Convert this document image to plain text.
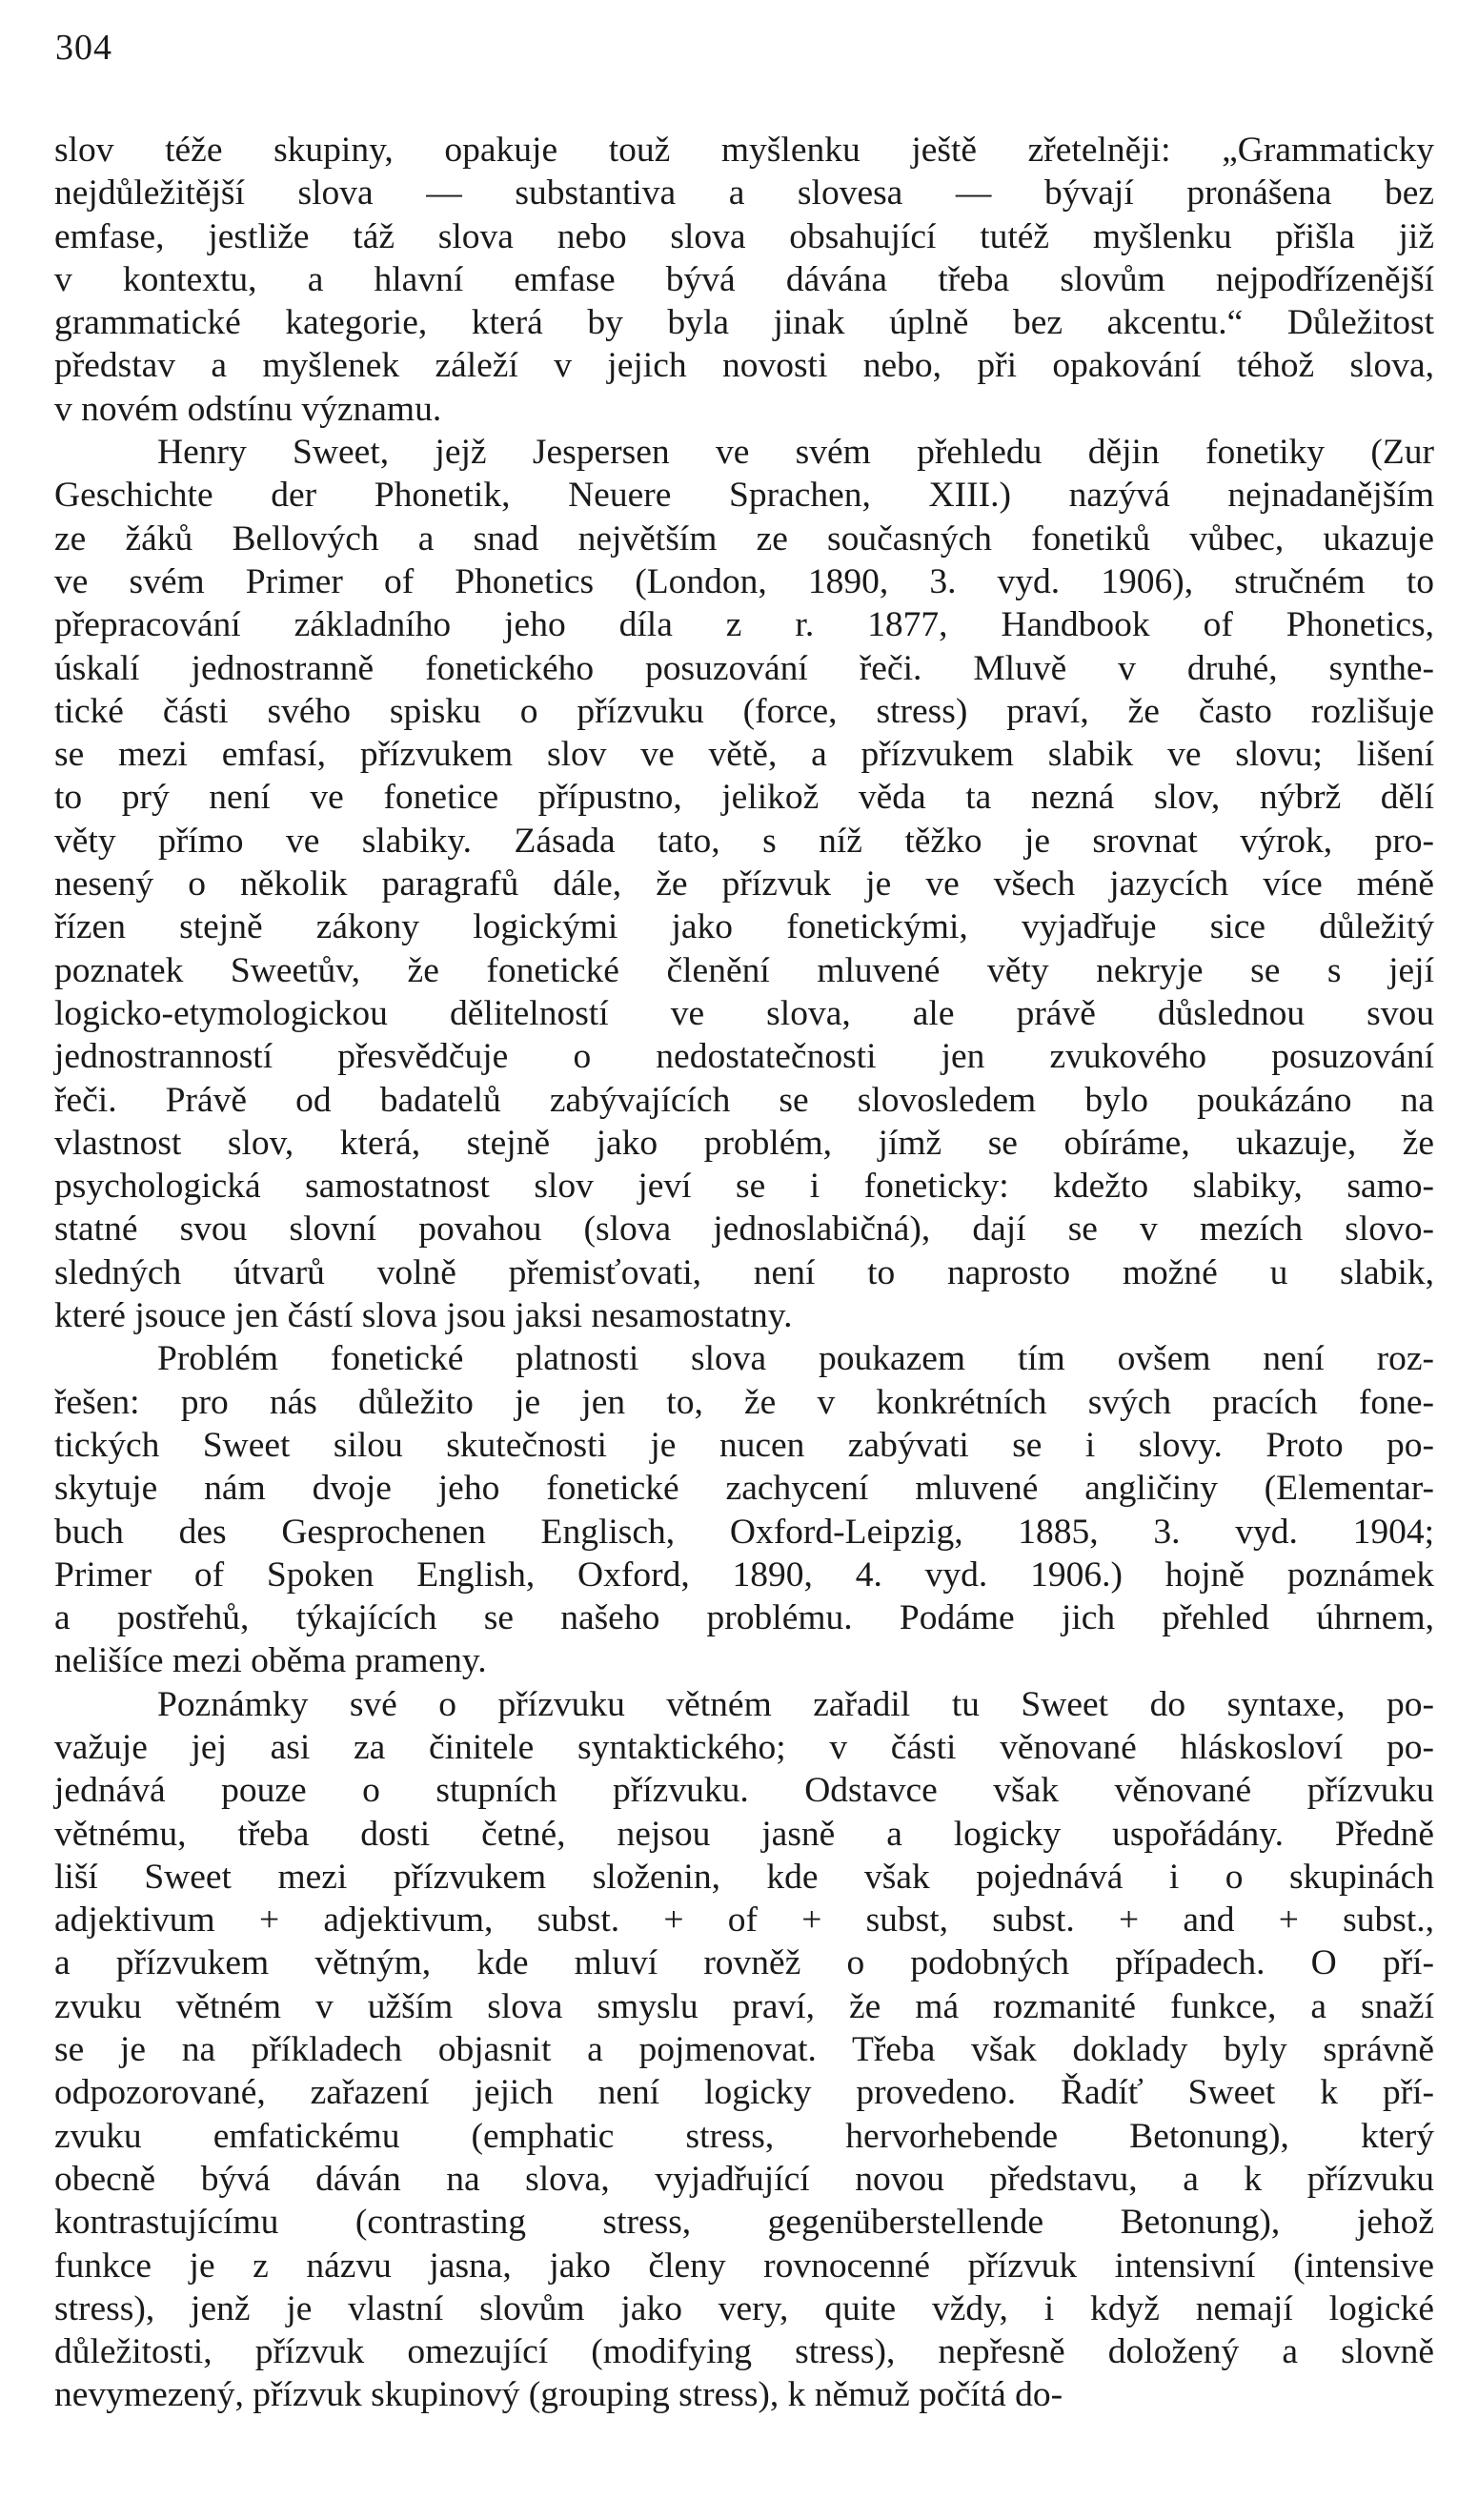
304
slov téže skupiny, opakuje touž myšlenku ještě zřetelněji: „Grammaticky
nejdůležitější slova — substantiva a slovesa — bývají pronášena bez
emfase, jestliže táž slova nebo slova obsahující tutéž myšlenku přišla již
v kontextu, a hlavní emfase bývá dávána třeba slovům nejpodřízenější
grammatické kategorie, která by byla jinak úplně bez akcentu.“ Důležitost
představ a myšlenek záleží v jejich novosti nebo, při opakování téhož slova,
v novém odstínu významu.
Henry Sweet, jejž Jespersen ve svém přehledu dějin fonetiky (Zur
Geschichte der Phonetik, Neuere Sprachen, XIII.) nazývá nejnadanějším
ze žáků Bellových a snad největším ze současných fonetiků vůbec, ukazuje
ve svém Primer of Phonetics (London, 1890, 3. vyd. 1906), stručném to
přepracování základního jeho díla z r. 1877, Handbook of Phonetics,
úskalí jednostranně fonetického posuzování řeči. Mluvě v druhé, synthe-
tické části svého spisku o přízvuku (force, stress) praví, že často rozlišuje
se mezi emfasí, přízvukem slov ve větě, a přízvukem slabik ve slovu; lišení
to prý není ve fonetice přípustno, jelikož věda ta nezná slov, nýbrž dělí
věty přímo ve slabiky. Zásada tato, s níž těžko je srovnat výrok, pro-
nesený o několik paragrafů dále, že přízvuk je ve všech jazycích více méně
řízen stejně zákony logickými jako fonetickými, vyjadřuje sice důležitý
poznatek Sweetův, že fonetické členění mluvené věty nekryje se s její
logicko-etymologickou dělitelností ve slova, ale právě důslednou svou
jednostranností přesvědčuje o nedostatečnosti jen zvukového posuzování
řeči. Právě od badatelů zabývajících se slovosledem bylo poukázáno na
vlastnost slov, která, stejně jako problém, jímž se obíráme, ukazuje, že
psychologická samostatnost slov jeví se i foneticky: kdežto slabiky, samo-
statné svou slovní povahou (slova jednoslabičná), dají se v mezích slovo-
sledných útvarů volně přemisťovati, není to naprosto možné u slabik,
které jsouce jen částí slova jsou jaksi nesamostatny.
Problém fonetické platnosti slova poukazem tím ovšem není roz-
řešen: pro nás důležito je jen to, že v konkrétních svých pracích fone-
tických Sweet silou skutečnosti je nucen zabývati se i slovy. Proto po-
skytuje nám dvoje jeho fonetické zachycení mluvené angličiny (Elementar-
buch des Gesprochenen Englisch, Oxford-Leipzig, 1885, 3. vyd. 1904;
Primer of Spoken English, Oxford, 1890, 4. vyd. 1906.) hojně poznámek
a postřehů, týkajících se našeho problému. Podáme jich přehled úhrnem,
nelišíce mezi oběma prameny.
Poznámky své o přízvuku větném zařadil tu Sweet do syntaxe, po-
važuje jej asi za činitele syntaktického; v části věnované hláskosloví po-
jednává pouze o stupních přízvuku. Odstavce však věnované přízvuku
větnému, třeba dosti četné, nejsou jasně a logicky uspořádány. Předně
liší Sweet mezi přízvukem složenin, kde však pojednává i o skupinách
adjektivum + adjektivum, subst. + of + subst, subst. + and + subst.,
a přízvukem větným, kde mluví rovněž o podobných případech. O pří-
zvuku větném v užším slova smyslu praví, že má rozmanité funkce, a snaží
se je na příkladech objasnit a pojmenovat. Třeba však doklady byly správně
odpozorované, zařazení jejich není logicky provedeno. Řadíť Sweet k pří-
zvuku emfatickému (emphatic stress, hervorhebende Betonung), který
obecně bývá dáván na slova, vyjadřující novou představu, a k přízvuku
kontrastujícímu (contrasting stress, gegenüberstellende Betonung), jehož
funkce je z názvu jasna, jako členy rovnocenné přízvuk intensivní (intensive
stress), jenž je vlastní slovům jako very, quite vždy, i když nemají logické
důležitosti, přízvuk omezující (modifying stress), nepřesně doložený a slovně
nevymezený, přízvuk skupinový (grouping stress), k němuž počítá do-
